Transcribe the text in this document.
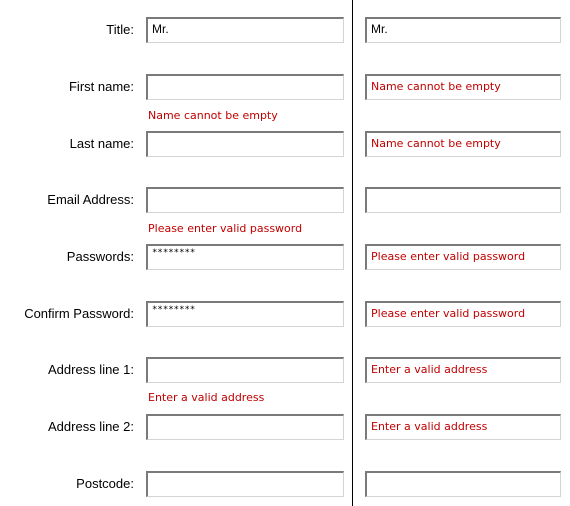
Title:
First name:
Last name:
Email Address:
Passwords:
Confirm Password:
Address line 1:
Address line 2:
Postcode:
Mr.
Name cannot be empty
Please enter valid password
********
********
Enter a valid address
Mr.
Name cannot be empty
Name cannot be empty
Please enter valid password
Please enter valid password
Enter a valid address
Enter a valid address
